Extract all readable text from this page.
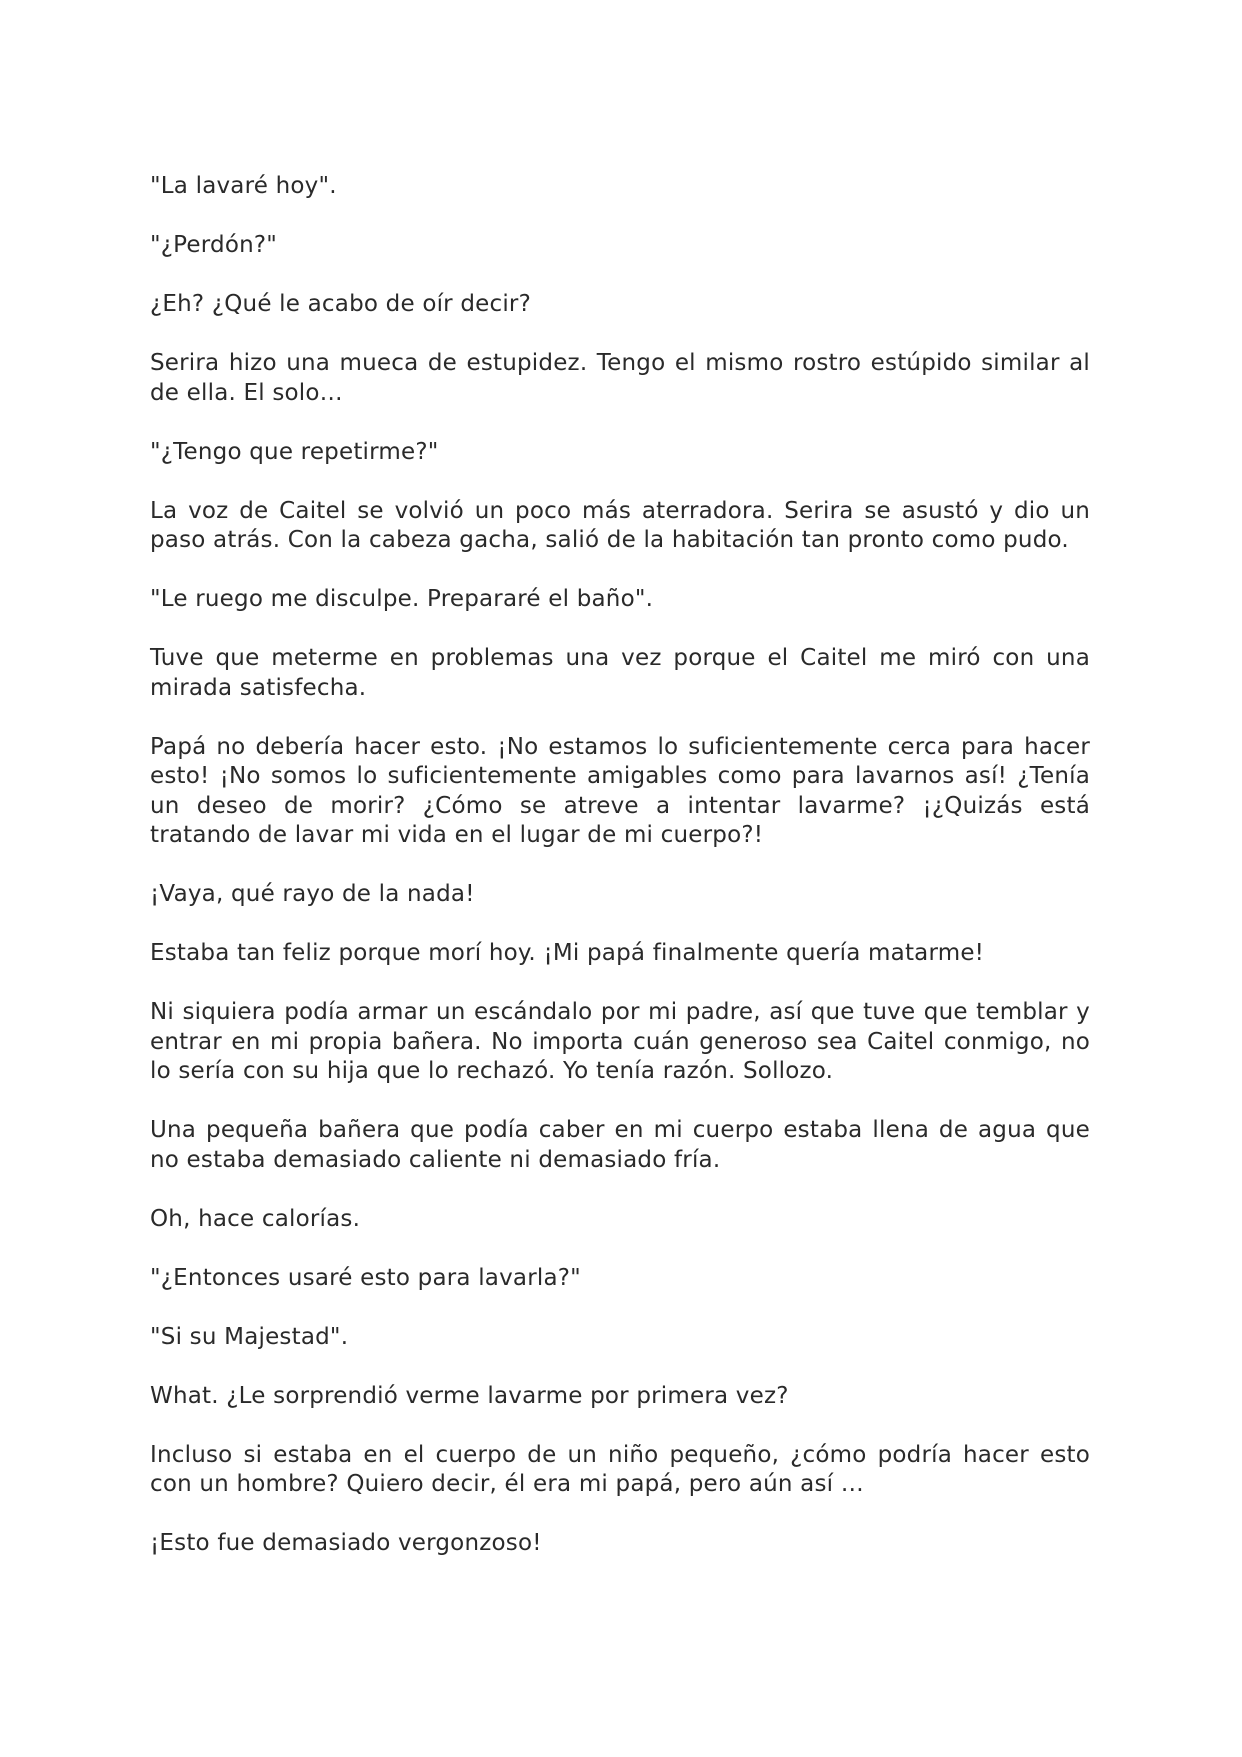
"La lavaré hoy".

"¿Perdón?"

¿Eh? ¿Qué le acabo de oír decir?

Serira hizo una mueca de estupidez. Tengo el mismo rostro estúpido similar al de ella. El solo…

"¿Tengo que repetirme?"

La voz de Caitel se volvió un poco más aterradora. Serira se asustó y dio un paso atrás. Con la cabeza gacha, salió de la habitación tan pronto como pudo.

"Le ruego me disculpe. Prepararé el baño".

Tuve que meterme en problemas una vez porque el Caitel me miró con una mirada satisfecha.

Papá no debería hacer esto. ¡No estamos lo suficientemente cerca para hacer esto! ¡No somos lo suficientemente amigables como para lavarnos así! ¿Tenía un deseo de morir? ¿Cómo se atreve a intentar lavarme? ¡¿Quizás está tratando de lavar mi vida en el lugar de mi cuerpo?!

¡Vaya, qué rayo de la nada!

Estaba tan feliz porque morí hoy. ¡Mi papá finalmente quería matarme!

Ni siquiera podía armar un escándalo por mi padre, así que tuve que temblar y entrar en mi propia bañera. No importa cuán generoso sea Caitel conmigo, no lo sería con su hija que lo rechazó. Yo tenía razón. Sollozo.

Una pequeña bañera que podía caber en mi cuerpo estaba llena de agua que no estaba demasiado caliente ni demasiado fría.

Oh, hace calorías.

"¿Entonces usaré esto para lavarla?"

"Si su Majestad".

What. ¿Le sorprendió verme lavarme por primera vez?

Incluso si estaba en el cuerpo de un niño pequeño, ¿cómo podría hacer esto con un hombre? Quiero decir, él era mi papá, pero aún así …

¡Esto fue demasiado vergonzoso!
